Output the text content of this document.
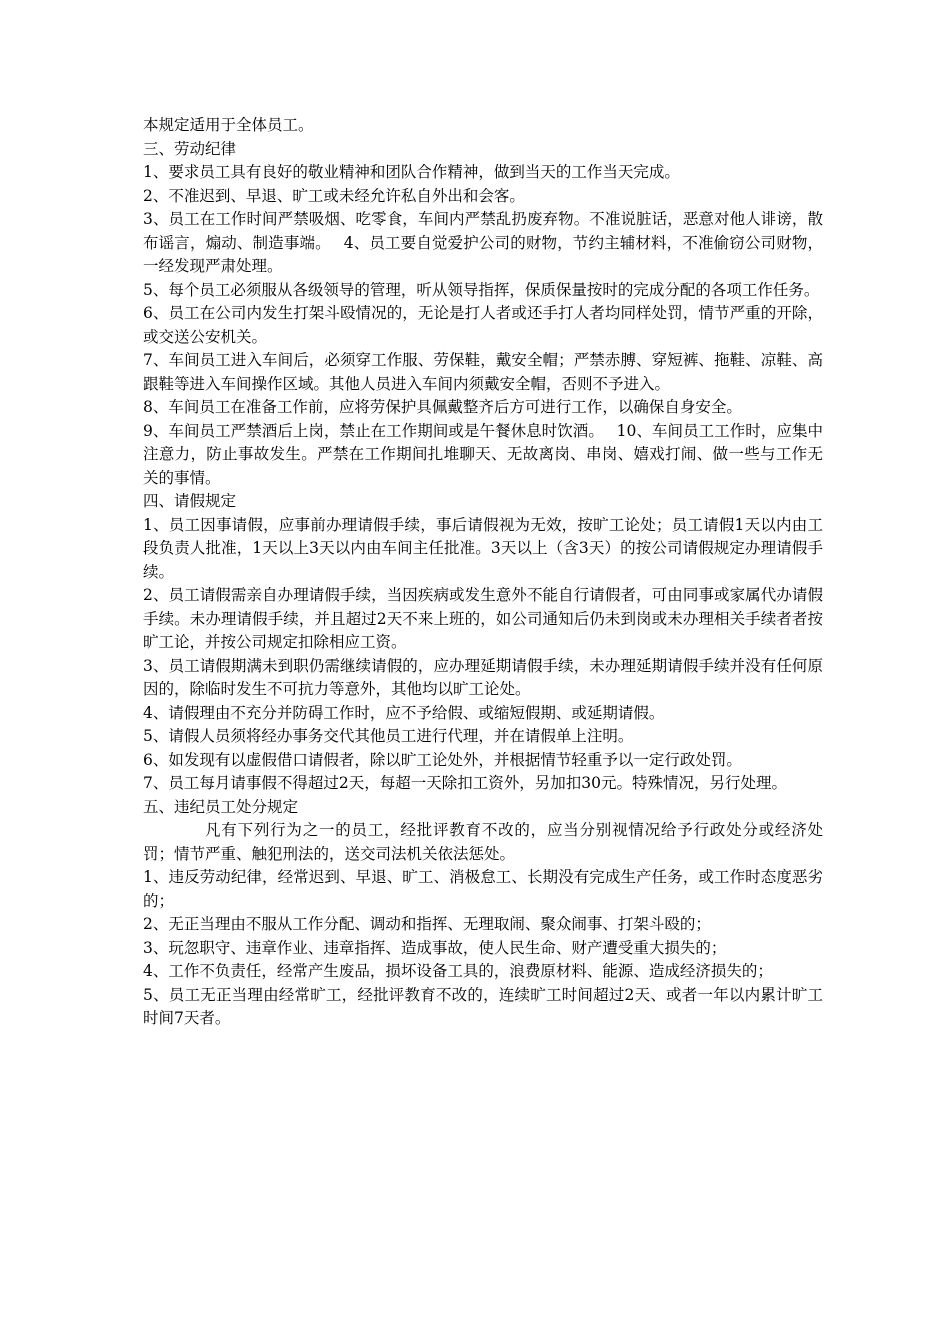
本规定适用于全体员工。

三、劳动纪律

1、要求员工具有良好的敬业精神和团队合作精神，做到当天的工作当天完成。

2、不准迟到、早退、旷工或未经允许私自外出和会客。

3、员工在工作时间严禁吸烟、吃零食，车间内严禁乱扔废弃物。不准说脏话，恶意对他人诽谤，散布谣言，煽动、制造事端。　 4、员工要自觉爱护公司的财物，节约主辅材料，不准偷窃公司财物，一经发现严肃处理。

5、每个员工必须服从各级领导的管理，听从领导指挥，保质保量按时的完成分配的各项工作任务。

6、员工在公司内发生打架斗殴情况的，无论是打人者或还手打人者均同样处罚，情节严重的开除，或交送公安机关。

7、车间员工进入车间后，必须穿工作服、劳保鞋，戴安全帽；严禁赤膊、穿短裤、拖鞋、凉鞋、高跟鞋等进入车间操作区域。其他人员进入车间内须戴安全帽，否则不予进入。

8、车间员工在准备工作前，应将劳保护具佩戴整齐后方可进行工作，以确保自身安全。

9、车间员工严禁酒后上岗，禁止在工作期间或是午餐休息时饮酒。　 10、车间员工工作时，应集中注意力，防止事故发生。严禁在工作期间扎堆聊天、无故离岗、串岗、嬉戏打闹、做一些与工作无关的事情。

四、请假规定

1、员工因事请假，应事前办理请假手续，事后请假视为无效，按旷工论处；员工请假1天以内由工段负责人批准，1天以上3天以内由车间主任批准。3天以上（含3天）的按公司请假规定办理请假手续。

2、员工请假需亲自办理请假手续，当因疾病或发生意外不能自行请假者，可由同事或家属代办请假手续。未办理请假手续，并且超过2天不来上班的，如公司通知后仍未到岗或未办理相关手续者者按旷工论，并按公司规定扣除相应工资。

3、员工请假期满未到职仍需继续请假的，应办理延期请假手续，未办理延期请假手续并没有任何原因的，除临时发生不可抗力等意外，其他均以旷工论处。

4、请假理由不充分并防碍工作时，应不予给假、或缩短假期、或延期请假。

5、请假人员须将经办事务交代其他员工进行代理，并在请假单上注明。

6、如发现有以虚假借口请假者，除以旷工论处外，并根据情节轻重予以一定行政处罚。

7、员工每月请事假不得超过2天，每超一天除扣工资外，另加扣30元。特殊情况，另行处理。

五、违纪员工处分规定

凡有下列行为之一的员工，经批评教育不改的，应当分别视情况给予行政处分或经济处罚；情节严重、触犯刑法的，送交司法机关依法惩处。

1、违反劳动纪律，经常迟到、早退、旷工、消极怠工、长期没有完成生产任务，或工作时态度恶劣的；

2、无正当理由不服从工作分配、调动和指挥、无理取闹、聚众闹事、打架斗殴的；

3、玩忽职守、违章作业、违章指挥、造成事故，使人民生命、财产遭受重大损失的；

4、工作不负责任，经常产生废品，损坏设备工具的，浪费原材料、能源、造成经济损失的；

5、员工无正当理由经常旷工，经批评教育不改的，连续旷工时间超过2天、或者一年以内累计旷工时间7天者。
